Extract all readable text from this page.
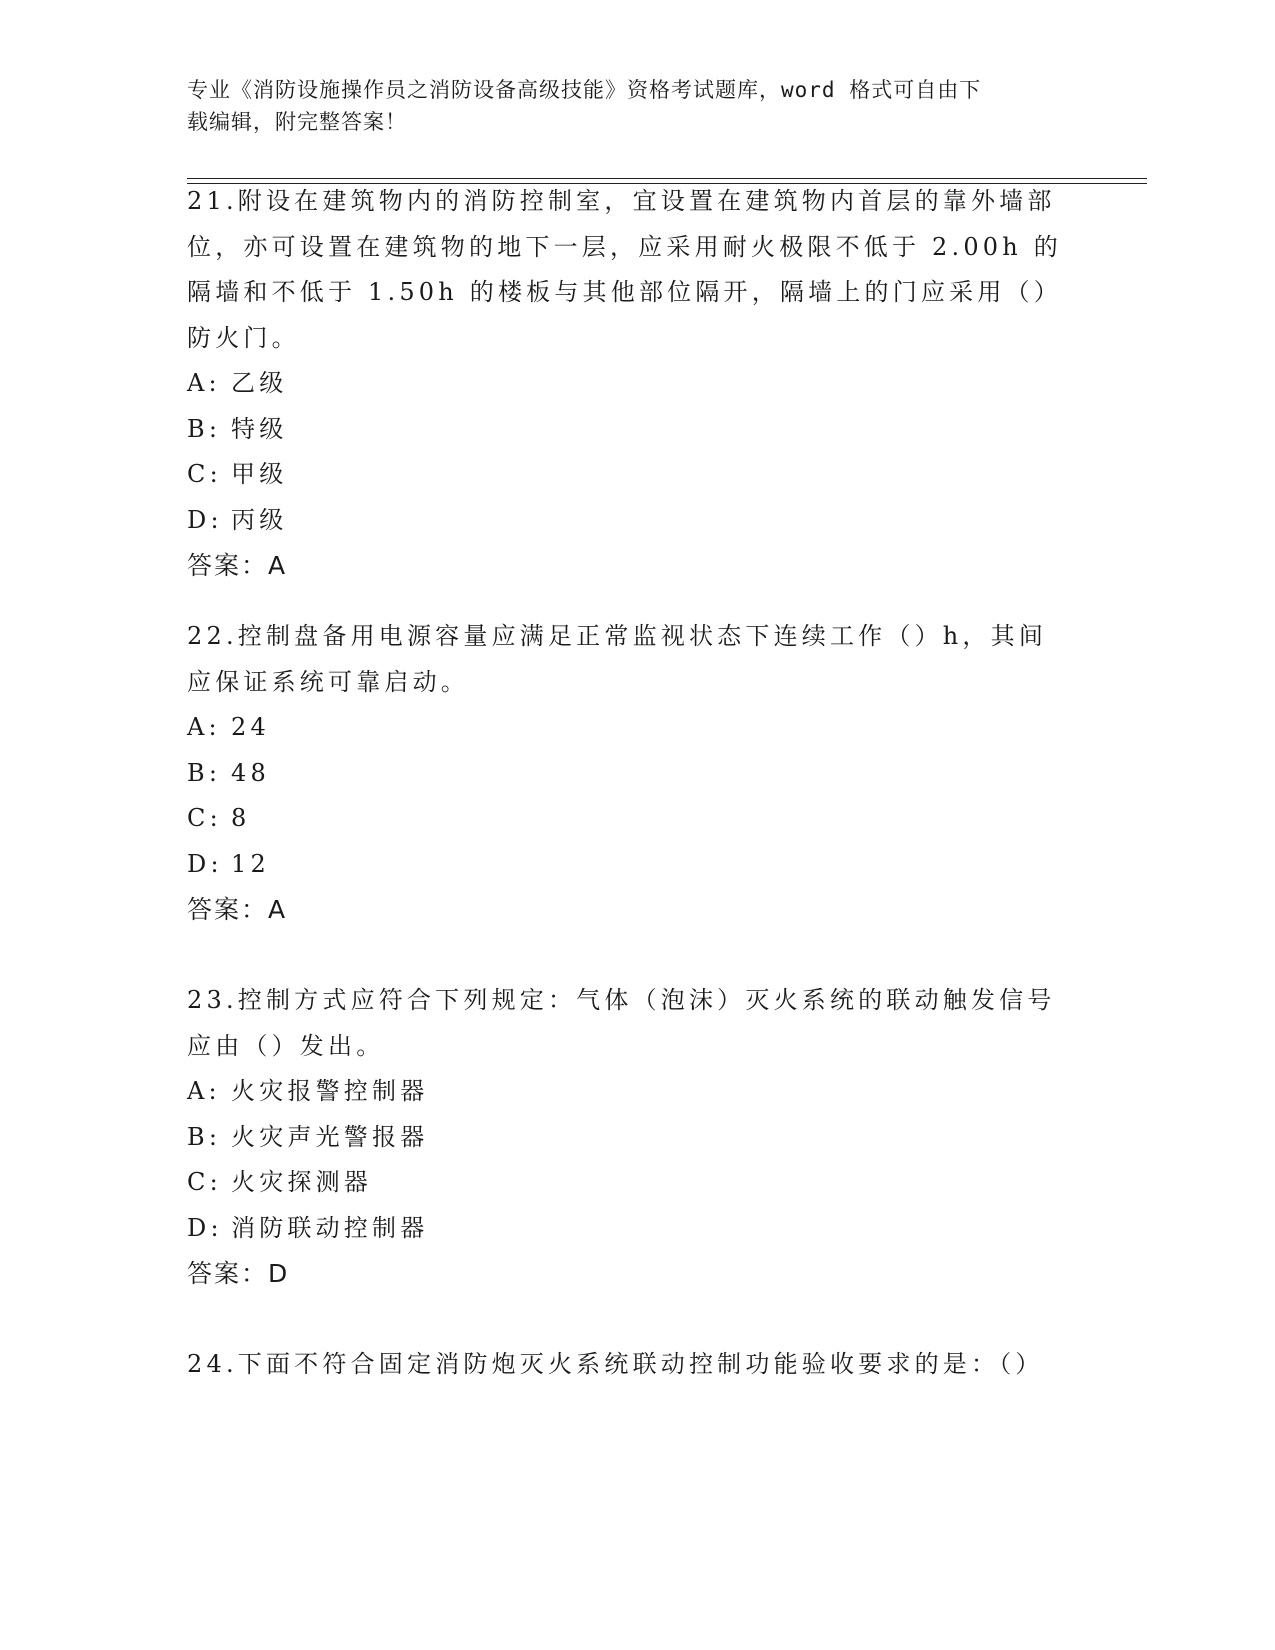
专业《消防设施操作员之消防设备高级技能》资格考试题库，word 格式可自由下
载编辑，附完整答案！
21.附设在建筑物内的消防控制室，宜设置在建筑物内首层的靠外墙部
位，亦可设置在建筑物的地下一层，应采用耐火极限不低于 2.00h 的
隔墙和不低于 1.50h 的楼板与其他部位隔开，隔墙上的门应采用（）
防火门。
A: 乙级
B: 特级
C: 甲级
D: 丙级
答案：A
22.控制盘备用电源容量应满足正常监视状态下连续工作（）h，其间
应保证系统可靠启动。
A: 24
B: 48
C: 8
D: 12
答案：A
23.控制方式应符合下列规定：气体（泡沫）灭火系统的联动触发信号
应由（）发出。
A: 火灾报警控制器
B: 火灾声光警报器
C: 火灾探测器
D: 消防联动控制器
答案：D
24.下面不符合固定消防炮灭火系统联动控制功能验收要求的是：（）
